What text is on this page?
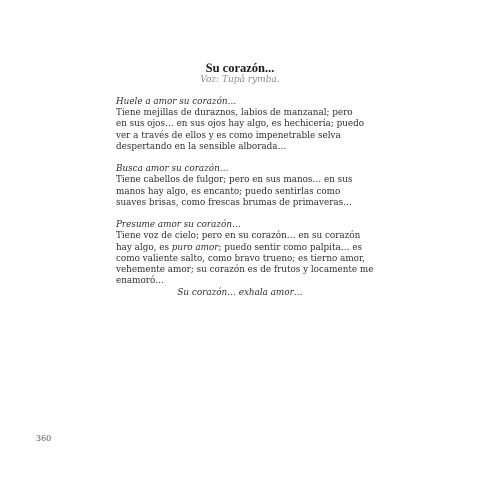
Su corazón...

Voz: Tupâ rymba.

Huele a amor su corazón…
Tiene mejillas de duraznos, labios de manzanal; pero
en sus ojos… en sus ojos hay algo, es hechicería; puedo
ver a través de ellos y es como impenetrable selva
despertando en la sensible alborada…

Busca amor su corazón…
Tiene cabellos de fulgor; pero en sus manos… en sus
manos hay algo, es encanto; puedo sentirlas como
suaves brisas, como frescas brumas de primaveras…

Presume amor su corazón…
Tiene voz de cielo; pero en su corazón… en su corazón
hay algo, es puro amor; puedo sentir como palpita… es
como valiente salto, como bravo trueno; es tierno amor,
vehemente amor; su corazón es de frutos y locamente me
enamoró…

Su corazón… exhala amor…

360
